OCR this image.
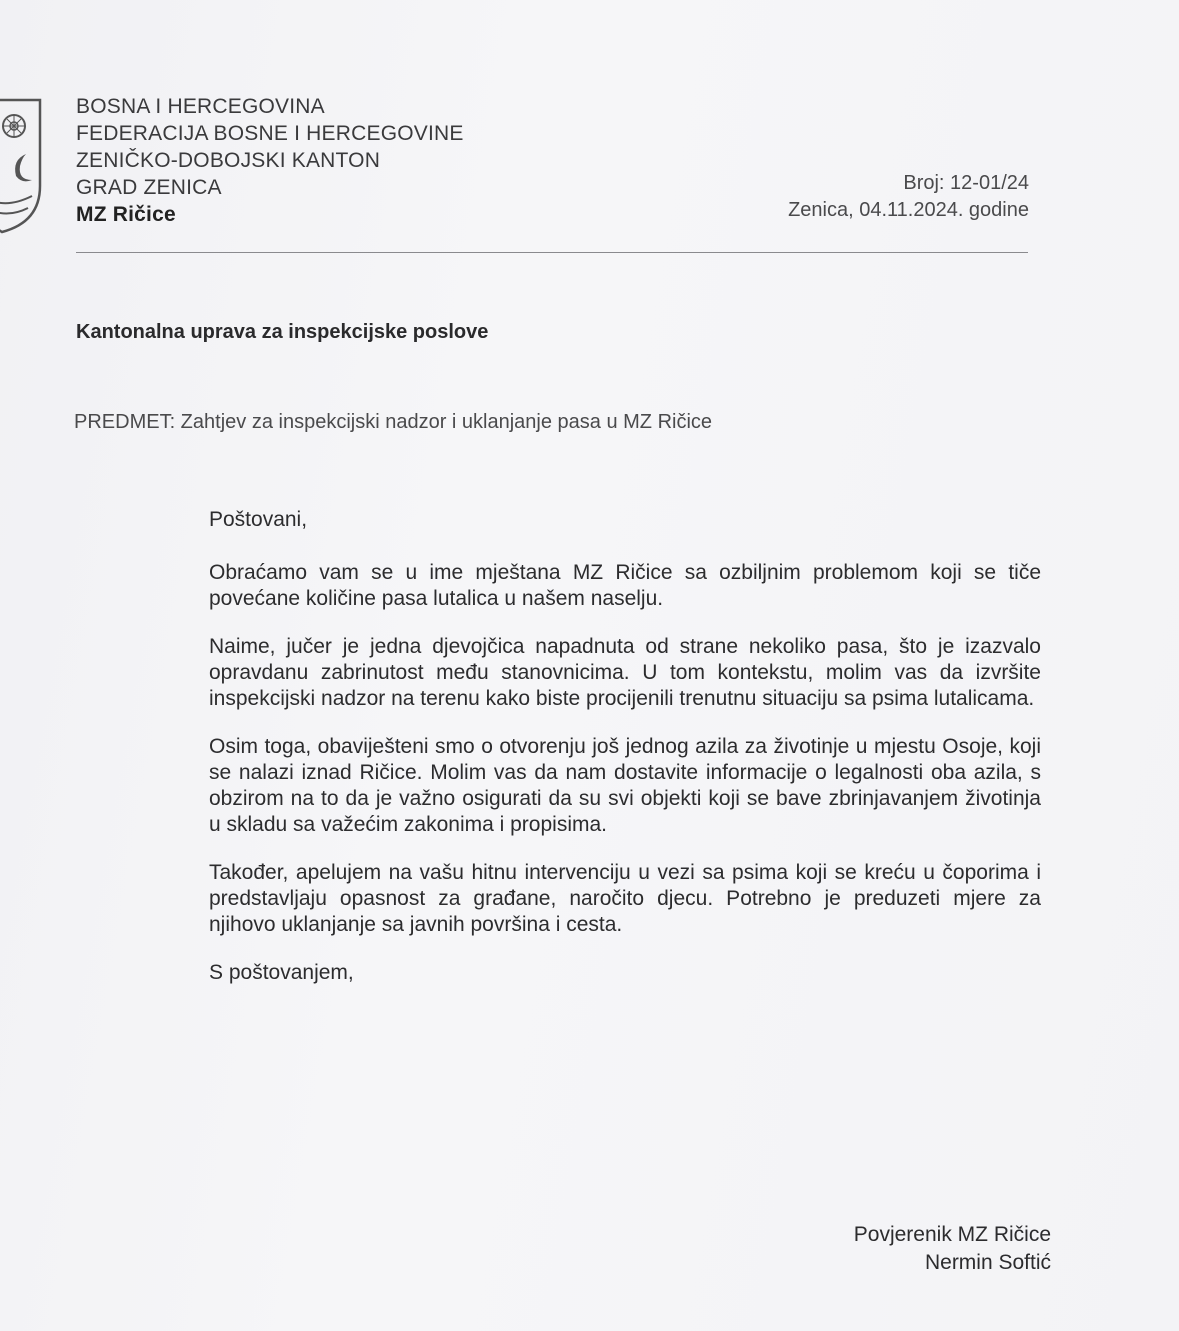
BOSNA I HERCEGOVINA
FEDERACIJA BOSNE I HERCEGOVINE
ZENIČKO-DOBOJSKI KANTON
GRAD ZENICA
MZ Ričice
Broj: 12-01/24
Zenica, 04.11.2024. godine
Kantonalna uprava za inspekcijske poslove
PREDMET: Zahtjev za inspekcijski nadzor i uklanjanje pasa u MZ Ričice

Poštovani,

Obraćamo vam se u ime mještana MZ Ričice sa ozbiljnim problemom koji se tiče povećane količine pasa lutalica u našem naselju.

Naime, jučer je jedna djevojčica napadnuta od strane nekoliko pasa, što je izazvalo opravdanu zabrinutost među stanovnicima. U tom kontekstu, molim vas da izvršite inspekcijski nadzor na terenu kako biste procijenili trenutnu situaciju sa psima lutalicama.

Osim toga, obaviješteni smo o otvorenju još jednog azila za životinje u mjestu Osoje, koji se nalazi iznad Ričice. Molim vas da nam dostavite informacije o legalnosti oba azila, s obzirom na to da je važno osigurati da su svi objekti koji se bave zbrinjavanjem životinja u skladu sa važećim zakonima i propisima.

Također, apelujem na vašu hitnu intervenciju u vezi sa psima koji se kreću u čoporima i predstavljaju opasnost za građane, naročito djecu. Potrebno je preduzeti mjere za njihovo uklanjanje sa javnih površina i cesta.

S poštovanjem,

Povjerenik MZ Ričice
Nermin Softić
